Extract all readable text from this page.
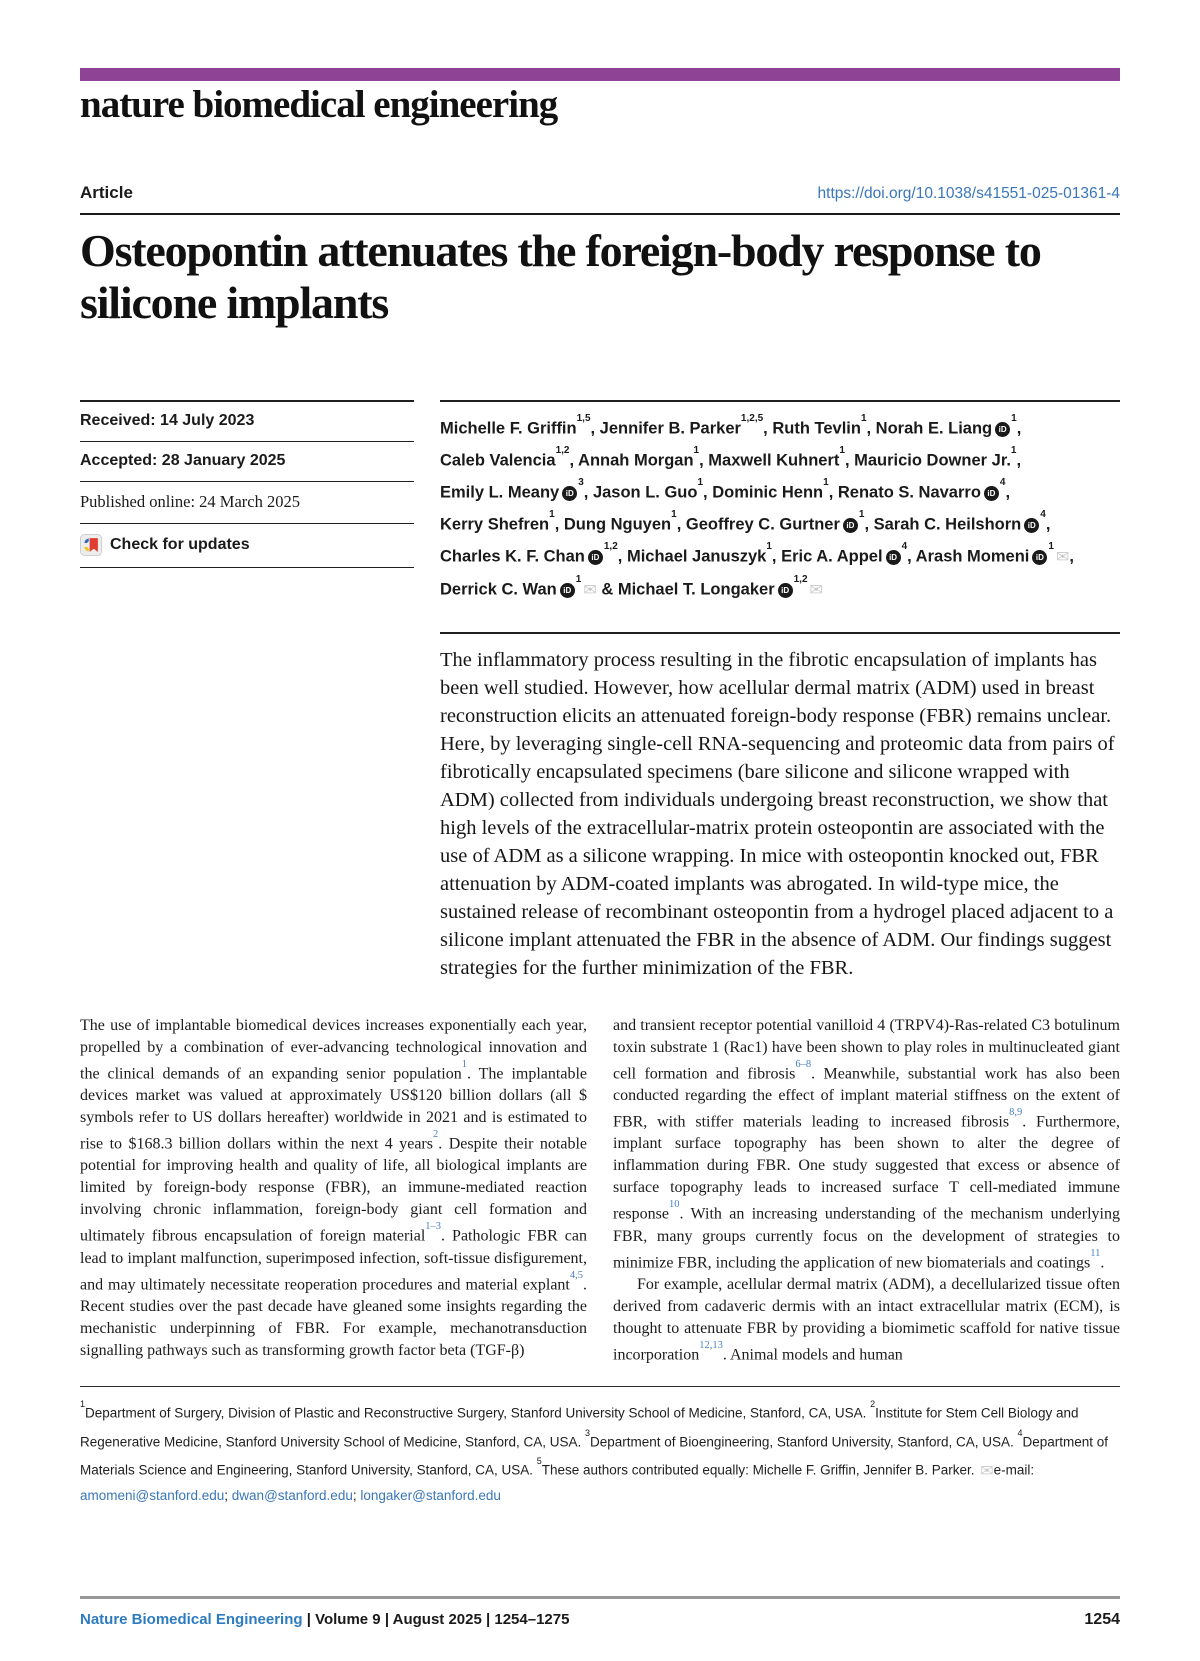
nature biomedical engineering
Article	https://doi.org/10.1038/s41551-025-01361-4
Osteopontin attenuates the foreign-body response to silicone implants
Received: 14 July 2023
Accepted: 28 January 2025
Published online: 24 March 2025
Check for updates
Michelle F. Griffin$^{1,5}$, Jennifer B. Parker$^{1,2,5}$, Ruth Tevlin$^1$, Norah E. Liang iD$^1$,
Caleb Valencia$^{1,2}$, Annah Morgan$^1$, Maxwell Kuhnert$^1$, Mauricio Downer Jr.$^1$,
Emily L. Meany iD$^3$, Jason L. Guo$^1$, Dominic Henn$^1$, Renato S. Navarro iD$^4$,
Kerry Shefren$^1$, Dung Nguyen$^1$, Geoffrey C. Gurtner iD$^1$, Sarah C. Heilshorn iD$^4$,
Charles K. F. Chan iD$^{1,2}$, Michael Januszyk$^1$, Eric A. Appel iD$^4$, Arash Momeni iD$^1$✉,
Derrick C. Wan iD$^1$✉ & Michael T. Longaker iD$^{1,2}$✉
The inflammatory process resulting in the fibrotic encapsulation of implants has been well studied. However, how acellular dermal matrix (ADM) used in breast reconstruction elicits an attenuated foreign-body response (FBR) remains unclear. Here, by leveraging single-cell RNA-sequencing and proteomic data from pairs of fibrotically encapsulated specimens (bare silicone and silicone wrapped with ADM) collected from individuals undergoing breast reconstruction, we show that high levels of the extracellular-matrix protein osteopontin are associated with the use of ADM as a silicone wrapping. In mice with osteopontin knocked out, FBR attenuation by ADM-coated implants was abrogated. In wild-type mice, the sustained release of recombinant osteopontin from a hydrogel placed adjacent to a silicone implant attenuated the FBR in the absence of ADM. Our findings suggest strategies for the further minimization of the FBR.

The use of implantable biomedical devices increases exponentially each year, propelled by a combination of ever-advancing technological innovation and the clinical demands of an expanding senior population$^1$. The implantable devices market was valued at approximately US$120 billion dollars (all $ symbols refer to US dollars hereafter) worldwide in 2021 and is estimated to rise to $168.3 billion dollars within the next 4 years$^2$. Despite their notable potential for improving health and quality of life, all biological implants are limited by foreign-body response (FBR), an immune-mediated reaction involving chronic inflammation, foreign-body giant cell formation and ultimately fibrous encapsulation of foreign material$^{1-3}$. Pathologic FBR can lead to implant malfunction, superimposed infection, soft-tissue disfigurement, and may ultimately necessitate reoperation procedures and material explant$^{4,5}$. Recent studies over the past decade have gleaned some insights regarding the mechanistic underpinning of FBR. For example, mechanotransduction signalling pathways such as transforming growth factor beta (TGF-β)

and transient receptor potential vanilloid 4 (TRPV4)-Ras-related C3 botulinum toxin substrate 1 (Rac1) have been shown to play roles in multinucleated giant cell formation and fibrosis$^{6-8}$. Meanwhile, substantial work has also been conducted regarding the effect of implant material stiffness on the extent of FBR, with stiffer materials leading to increased fibrosis$^{8,9}$. Furthermore, implant surface topography has been shown to alter the degree of inflammation during FBR. One study suggested that excess or absence of surface topography leads to increased surface T cell-mediated immune response$^{10}$. With an increasing understanding of the mechanism underlying FBR, many groups currently focus on the development of strategies to minimize FBR, including the application of new biomaterials and coatings$^{11}$.

For example, acellular dermal matrix (ADM), a decellularized tissue often derived from cadaveric dermis with an intact extracellular matrix (ECM), is thought to attenuate FBR by providing a biomimetic scaffold for native tissue incorporation$^{12,13}$. Animal models and human

$^1$Department of Surgery, Division of Plastic and Reconstructive Surgery, Stanford University School of Medicine, Stanford, CA, USA. $^2$Institute for Stem Cell Biology and Regenerative Medicine, Stanford University School of Medicine, Stanford, CA, USA. $^3$Department of Bioengineering, Stanford University, Stanford, CA, USA. $^4$Department of Materials Science and Engineering, Stanford University, Stanford, CA, USA. $^5$These authors contributed equally: Michelle F. Griffin, Jennifer B. Parker. ✉e-mail: amomeni@stanford.edu; dwan@stanford.edu; longaker@stanford.edu
Nature Biomedical Engineering | Volume 9 | August 2025 | 1254–1275	1254
